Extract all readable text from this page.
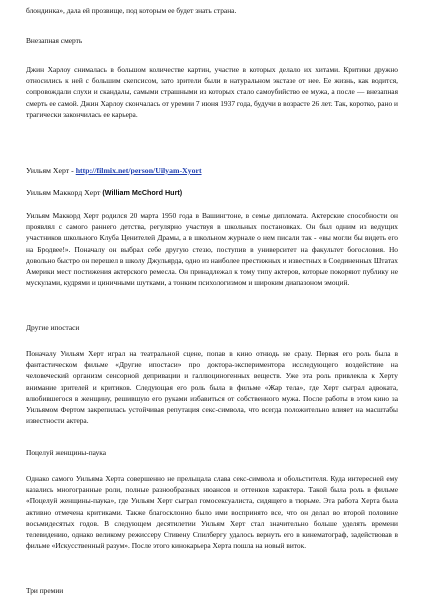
блондинка», дала ей прозвище, под которым ее будет знать страна.

Внезапная смерть

Джин Харлоу снималась в большом количестве картин, участие в которых делало их хитами. Критики дружно относились к ней с большим скепсисом, зато зрители были в натуральном экстазе от нее. Ее жизнь, как водится, сопровождали слухи и скандалы, самыми страшными из которых стало самоубийство ее мужа, а после — внезапная смерть ее самой. Джин Харлоу скончалась от уремии 7 июня 1937 года, будучи в возрасте 26 лет. Так, коротко, рано и трагически закончилась ее карьера.

Уильям Херт - http://filmix.net/person/Uilyam-Xyort

Уильям Маккорд Херт (William McChord Hurt)

Уильям Маккорд Херт родился 20 марта 1950 года в Вашингтоне, в семье дипломата. Актерские способности он проявлял с самого раннего детства, регулярно участвуя в школьных постановках. Он был одним из ведущих участников школьного Клуба Ценителей Драмы, а в школьном журнале о нем писали так - «вы могли бы видеть его на Бродвее!». Поначалу он выбрал себе другую стезю, поступив в университет на факультет богословия. Но довольно быстро он перешел в школу Джульярда, одно из наиболее престижных и известных в Соединенных Штатах Америки мест постижения актерского ремесла. Он принадлежал к тому типу актеров, которые покоряют публику не мускулами, кудрями и циничными шутками, а тонким психологизмом и широким диапазоном эмоций.

Другие ипостаси

Поначалу Уильям Херт играл на театральной сцене, попав в кино отнюдь не сразу. Первая его роль была в фантастическом фильме «Другие ипостаси» про доктора-экспериментора исследующего воздействие на человеческий организм сенсорной депривации и галлюциногенных веществ. Уже эта роль привлекла к Херту внимание зрителей и критиков. Следующая его роль была в фильме «Жар тела», где Херт сыграл адвоката, влюбившегося в женщину, решившую его руками избавиться от собственного мужа. После работы в этом кино за Уильямом Фертом закрепилась устойчивая репутация секс-символа, что всегда положительно влияет на масштабы известности актера.

Поцелуй женщины-паука

Однако самого Уильяма Херта совершенно не прельщала слава секс-символа и обольстителя. Куда интересней ему казались многогранные роли, полные разнообразных нюансов и оттенков характера. Такой была роль в фильме «Поцелуй женщины-паука», где Уильям Херт сыграл гомосексуалиста, сидящего в тюрьме. Эта работа Херта была активно отмечена критиками. Также благосклонно было ими воспринято все, что он делал во второй половине восьмидесятых годов. В следующем десятилетии Уильям Херт стал значительно больше уделять времени телевидению, однако великому режиссеру Стивену Спилбергу удалось вернуть его в кинематограф, задействовав в фильме «Искусственный разум». После этого кинокарьера Херта пошла на новый виток.

Три премии
